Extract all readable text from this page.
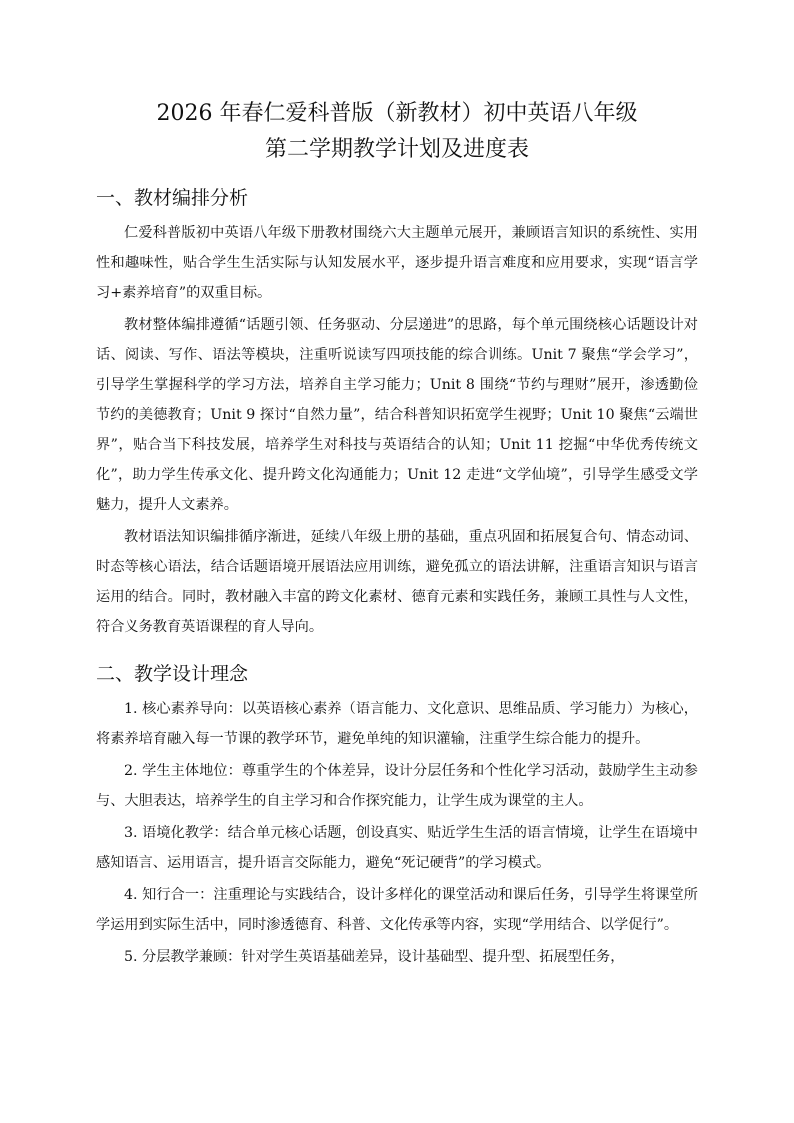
2026 年春仁爱科普版（新教材）初中英语八年级
第二学期教学计划及进度表
一、教材编排分析

仁爱科普版初中英语八年级下册教材围绕六大主题单元展开，兼顾语言知识的系统性、实用性和趣味性，贴合学生生活实际与认知发展水平，逐步提升语言难度和应用要求，实现“语言学习+素养培育”的双重目标。

教材整体编排遵循“话题引领、任务驱动、分层递进”的思路，每个单元围绕核心话题设计对话、阅读、写作、语法等模块，注重听说读写四项技能的综合训练。Unit 7 聚焦“学会学习”，引导学生掌握科学的学习方法，培养自主学习能力；Unit 8 围绕“节约与理财”展开，渗透勤俭节约的美德教育；Unit 9 探讨“自然力量”，结合科普知识拓宽学生视野；Unit 10 聚焦“云端世界”，贴合当下科技发展，培养学生对科技与英语结合的认知；Unit 11 挖掘“中华优秀传统文化”，助力学生传承文化、提升跨文化沟通能力；Unit 12 走进“文学仙境”，引导学生感受文学魅力，提升人文素养。

教材语法知识编排循序渐进，延续八年级上册的基础，重点巩固和拓展复合句、情态动词、时态等核心语法，结合话题语境开展语法应用训练，避免孤立的语法讲解，注重语言知识与语言运用的结合。同时，教材融入丰富的跨文化素材、德育元素和实践任务，兼顾工具性与人文性，符合义务教育英语课程的育人导向。

二、教学设计理念

1. 核心素养导向：以英语核心素养（语言能力、文化意识、思维品质、学习能力）为核心，将素养培育融入每一节课的教学环节，避免单纯的知识灌输，注重学生综合能力的提升。

2. 学生主体地位：尊重学生的个体差异，设计分层任务和个性化学习活动，鼓励学生主动参与、大胆表达，培养学生的自主学习和合作探究能力，让学生成为课堂的主人。

3. 语境化教学：结合单元核心话题，创设真实、贴近学生生活的语言情境，让学生在语境中感知语言、运用语言，提升语言交际能力，避免“死记硬背”的学习模式。

4. 知行合一：注重理论与实践结合，设计多样化的课堂活动和课后任务，引导学生将课堂所学运用到实际生活中，同时渗透德育、科普、文化传承等内容，实现“学用结合、以学促行”。

5. 分层教学兼顾：针对学生英语基础差异，设计基础型、提升型、拓展型任务，
